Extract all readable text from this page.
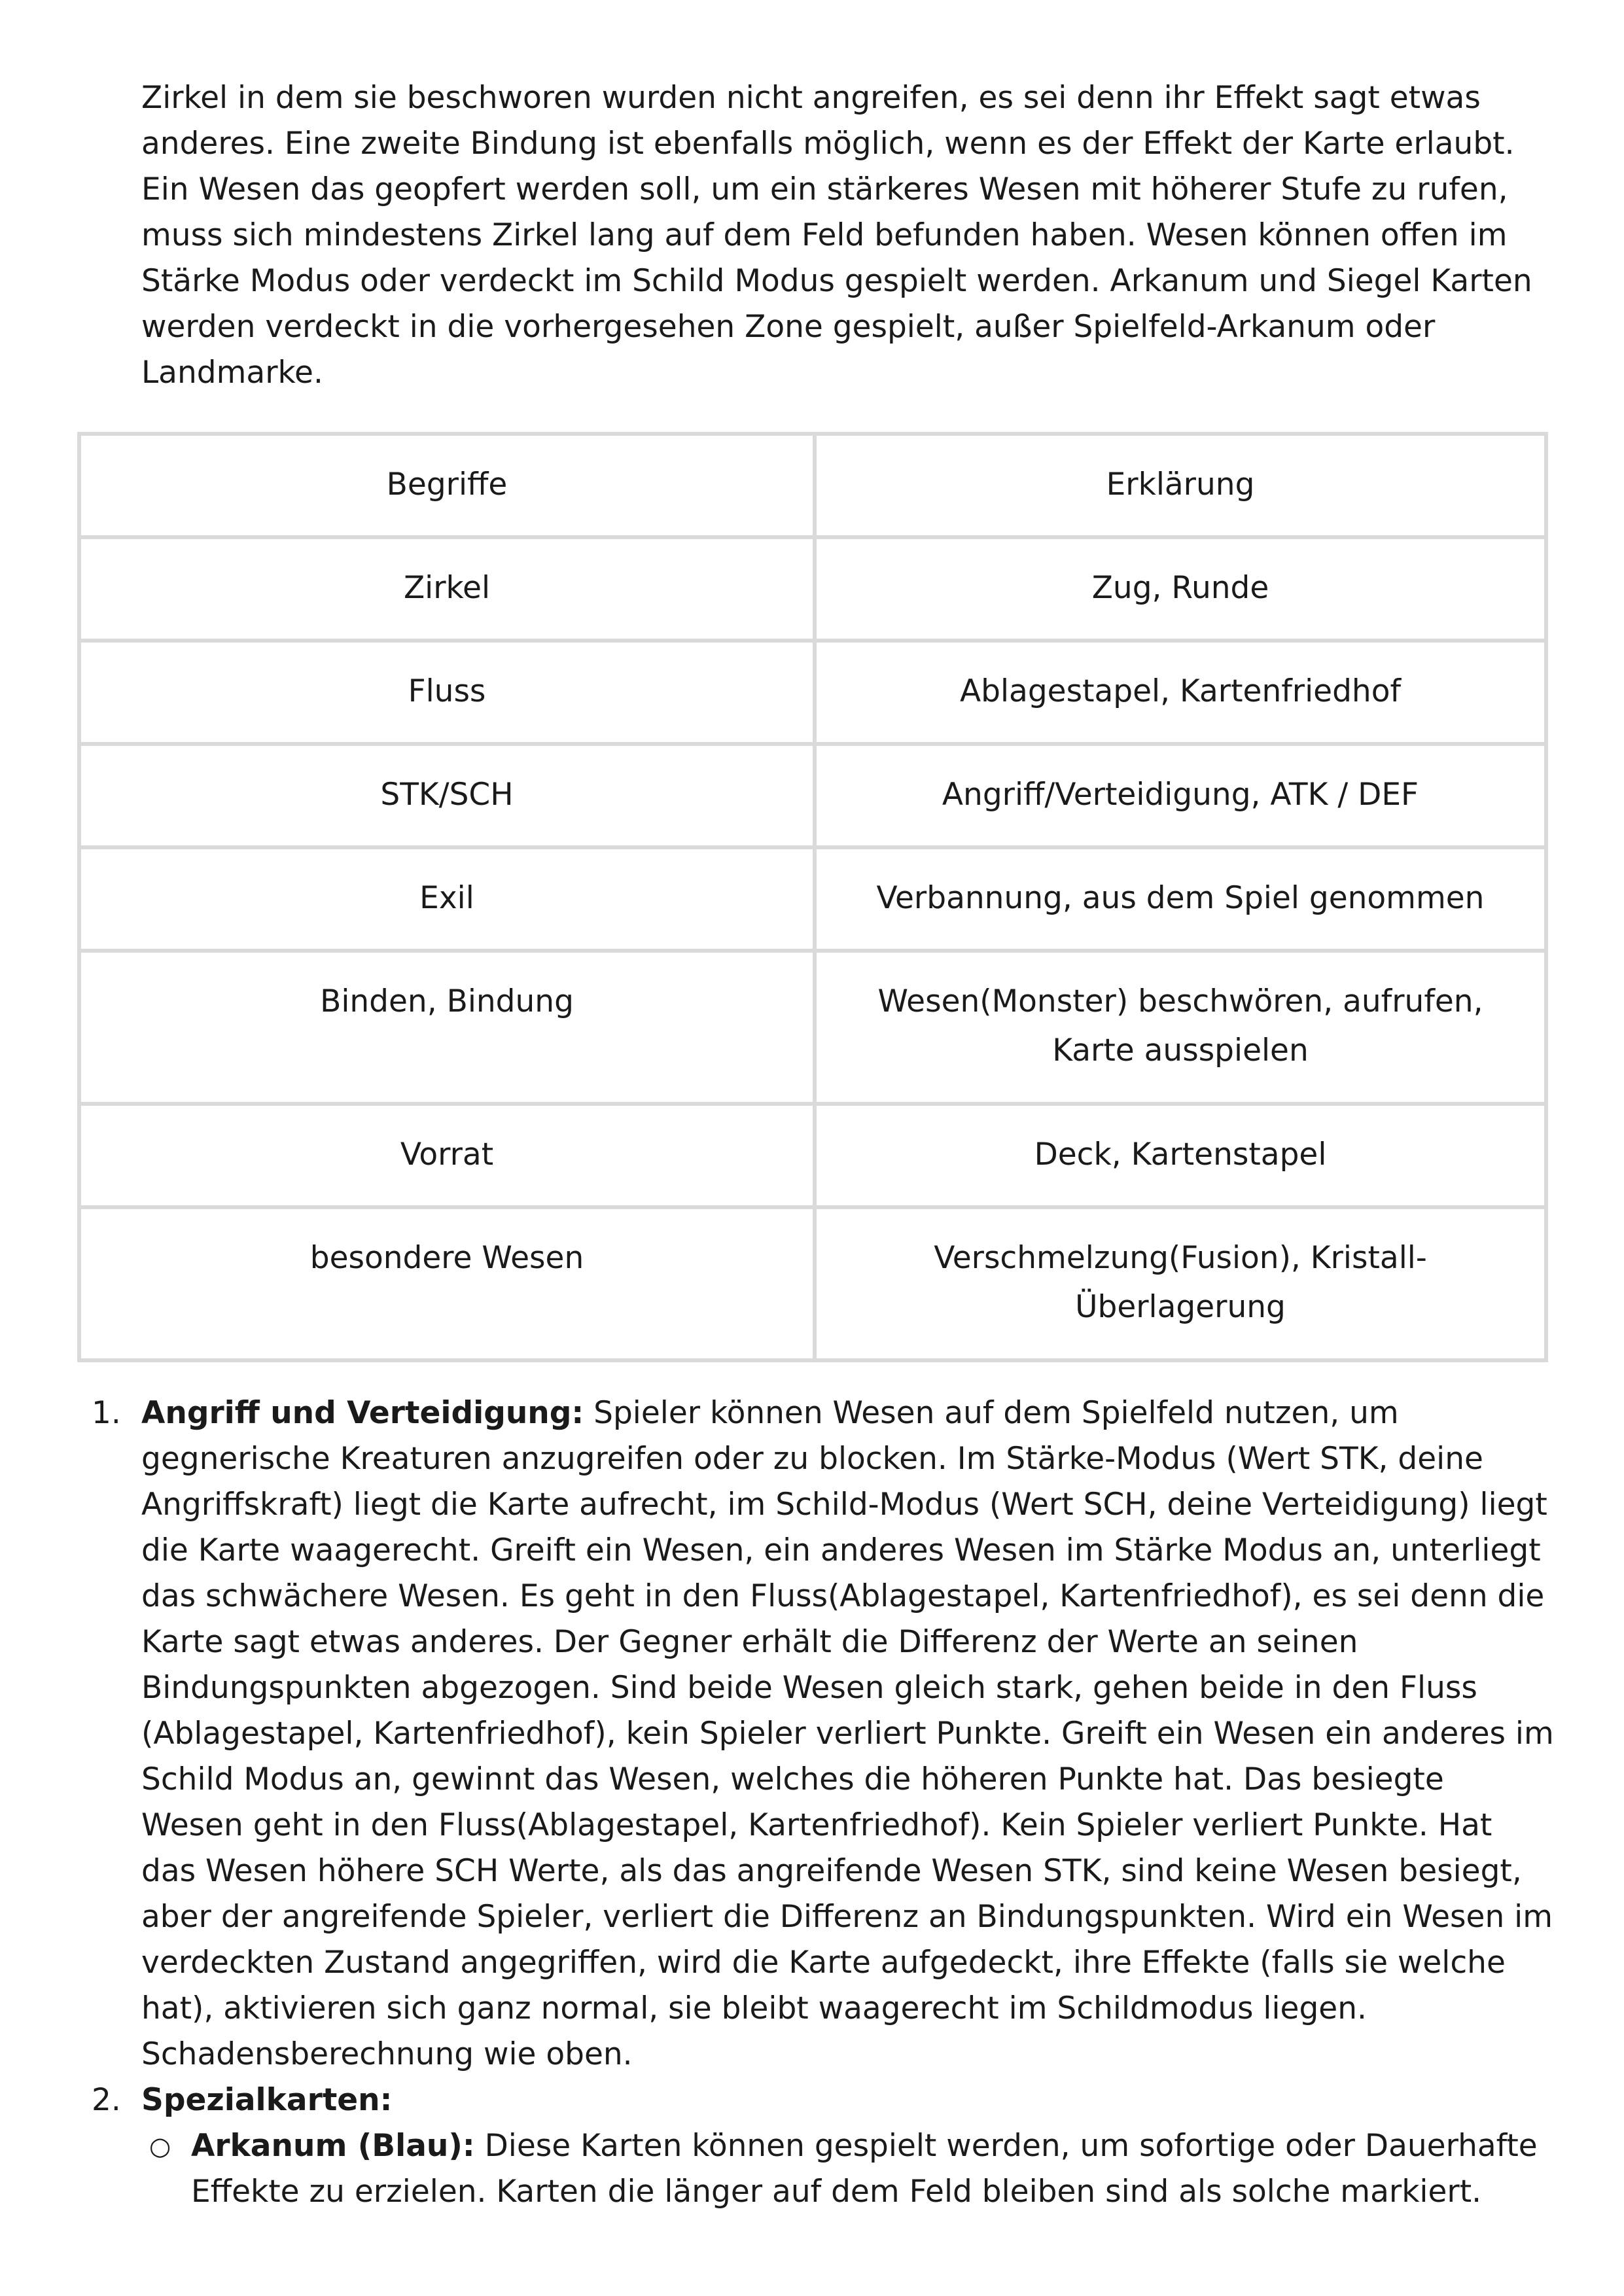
Zirkel in dem sie beschworen wurden nicht angreifen, es sei denn ihr Effekt sagt etwas anderes. Eine zweite Bindung ist ebenfalls möglich, wenn es der Effekt der Karte erlaubt. Ein Wesen das geopfert werden soll, um ein stärkeres Wesen mit höherer Stufe zu rufen, muss sich mindestens Zirkel lang auf dem Feld befunden haben. Wesen können offen im Stärke Modus oder verdeckt im Schild Modus gespielt werden. Arkanum und Siegel Karten werden verdeckt in die vorhergesehen Zone gespielt, außer Spielfeld-Arkanum oder Landmarke.

Begriffe	Erklärung
Zirkel	Zug, Runde
Fluss	Ablagestapel, Kartenfriedhof
STK/SCH	Angriff/Verteidigung, ATK / DEF
Exil	Verbannung, aus dem Spiel genommen
Binden, Bindung	Wesen(Monster) beschwören, aufrufen, Karte ausspielen
Vorrat	Deck, Kartenstapel
besondere Wesen	Verschmelzung(Fusion), Kristall-Überlagerung
1. Angriff und Verteidigung: Spieler können Wesen auf dem Spielfeld nutzen, um gegnerische Kreaturen anzugreifen oder zu blocken. Im Stärke-Modus (Wert STK, deine Angriffskraft) liegt die Karte aufrecht, im Schild-Modus (Wert SCH, deine Verteidigung) liegt die Karte waagerecht. Greift ein Wesen, ein anderes Wesen im Stärke Modus an, unterliegt das schwächere Wesen. Es geht in den Fluss(Ablagestapel, Kartenfriedhof), es sei denn die Karte sagt etwas anderes. Der Gegner erhält die Differenz der Werte an seinen Bindungspunkten abgezogen. Sind beide Wesen gleich stark, gehen beide in den Fluss (Ablagestapel, Kartenfriedhof), kein Spieler verliert Punkte. Greift ein Wesen ein anderes im Schild Modus an, gewinnt das Wesen, welches die höheren Punkte hat. Das besiegte Wesen geht in den Fluss(Ablagestapel, Kartenfriedhof). Kein Spieler verliert Punkte. Hat das Wesen höhere SCH Werte, als das angreifende Wesen STK, sind keine Wesen besiegt, aber der angreifende Spieler, verliert die Differenz an Bindungspunkten. Wird ein Wesen im verdeckten Zustand angegriffen, wird die Karte aufgedeckt, ihre Effekte (falls sie welche hat), aktivieren sich ganz normal, sie bleibt waagerecht im Schildmodus liegen. Schadensberechnung wie oben.
2. Spezialkarten:
○ Arkanum (Blau): Diese Karten können gespielt werden, um sofortige oder Dauerhafte Effekte zu erzielen. Karten die länger auf dem Feld bleiben sind als solche markiert.
